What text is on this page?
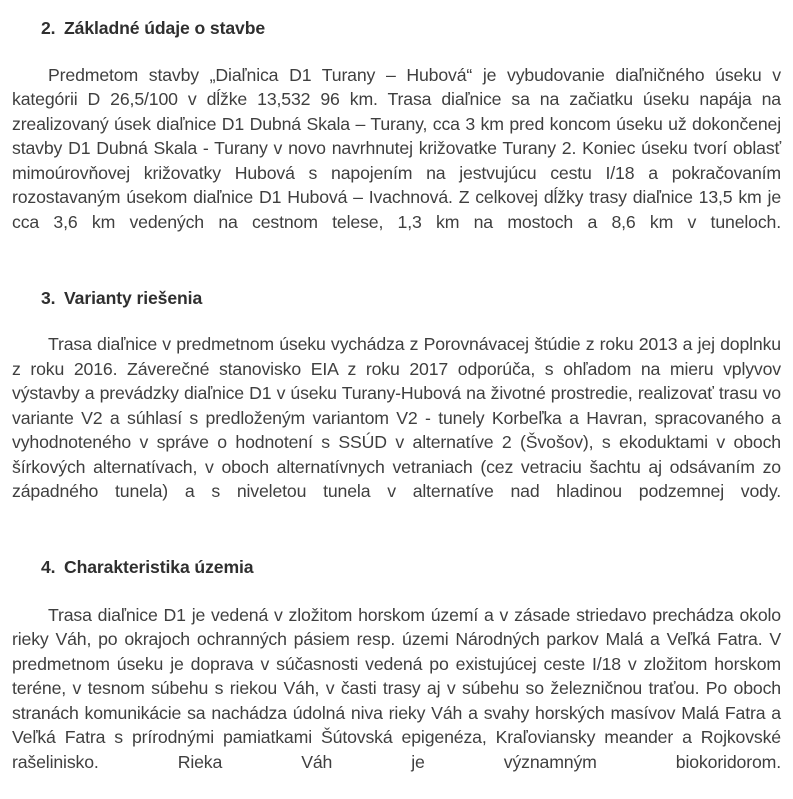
2. Základné údaje o stavbe

Predmetom stavby „Diaľnica D1 Turany – Hubová“ je vybudovanie diaľničného úseku v kategórii D 26,5/100 v dĺžke 13,532 96 km. Trasa diaľnice sa na začiatku úseku napája na zrealizovaný úsek diaľnice D1 Dubná Skala – Turany, cca 3 km pred koncom úseku už dokončenej stavby D1 Dubná Skala - Turany v novo navrhnutej križovatke Turany 2. Koniec úseku tvorí oblasť mimoúrovňovej križovatky Hubová s napojením na jestvujúcu cestu I/18 a pokračovaním rozostavaným úsekom diaľnice D1 Hubová – Ivachnová. Z celkovej dĺžky trasy diaľnice 13,5 km je cca 3,6 km vedených na cestnom telese, 1,3 km na mostoch a 8,6 km v tuneloch.

3. Varianty riešenia

Trasa diaľnice v predmetnom úseku vychádza z Porovnávacej štúdie z roku 2013 a jej doplnku z roku 2016. Záverečné stanovisko EIA z roku 2017 odporúča, s ohľadom na mieru vplyvov výstavby a prevádzky diaľnice D1 v úseku Turany-Hubová na životné prostredie, realizovať trasu vo variante V2 a súhlasí s predloženým variantom V2 - tunely Korbeľka a Havran, spracovaného a vyhodnoteného v správe o hodnotení s SSÚD v alternatíve 2 (Švošov), s ekoduktami v oboch šírkových alternatívach, v oboch alternatívnych vetraniach (cez vetraciu šachtu aj odsávaním zo západného tunela) a s niveletou tunela v alternatíve nad hladinou podzemnej vody.

4. Charakteristika územia

Trasa diaľnice D1 je vedená v zložitom horskom území a v zásade striedavo prechádza okolo rieky Váh, po okrajoch ochranných pásiem resp. územi Národných parkov Malá a Veľká Fatra. V predmetnom úseku je doprava v súčasnosti vedená po existujúcej ceste I/18 v zložitom horskom teréne, v tesnom súbehu s riekou Váh, v časti trasy aj v súbehu so železničnou traťou. Po oboch stranách komunikácie sa nachádza údolná niva rieky Váh a svahy horských masívov Malá Fatra a Veľká Fatra s prírodnými pamiatkami Šútovská epigenéza, Kraľoviansky meander a Rojkovské rašelinisko. Rieka Váh je významným biokoridorom.
